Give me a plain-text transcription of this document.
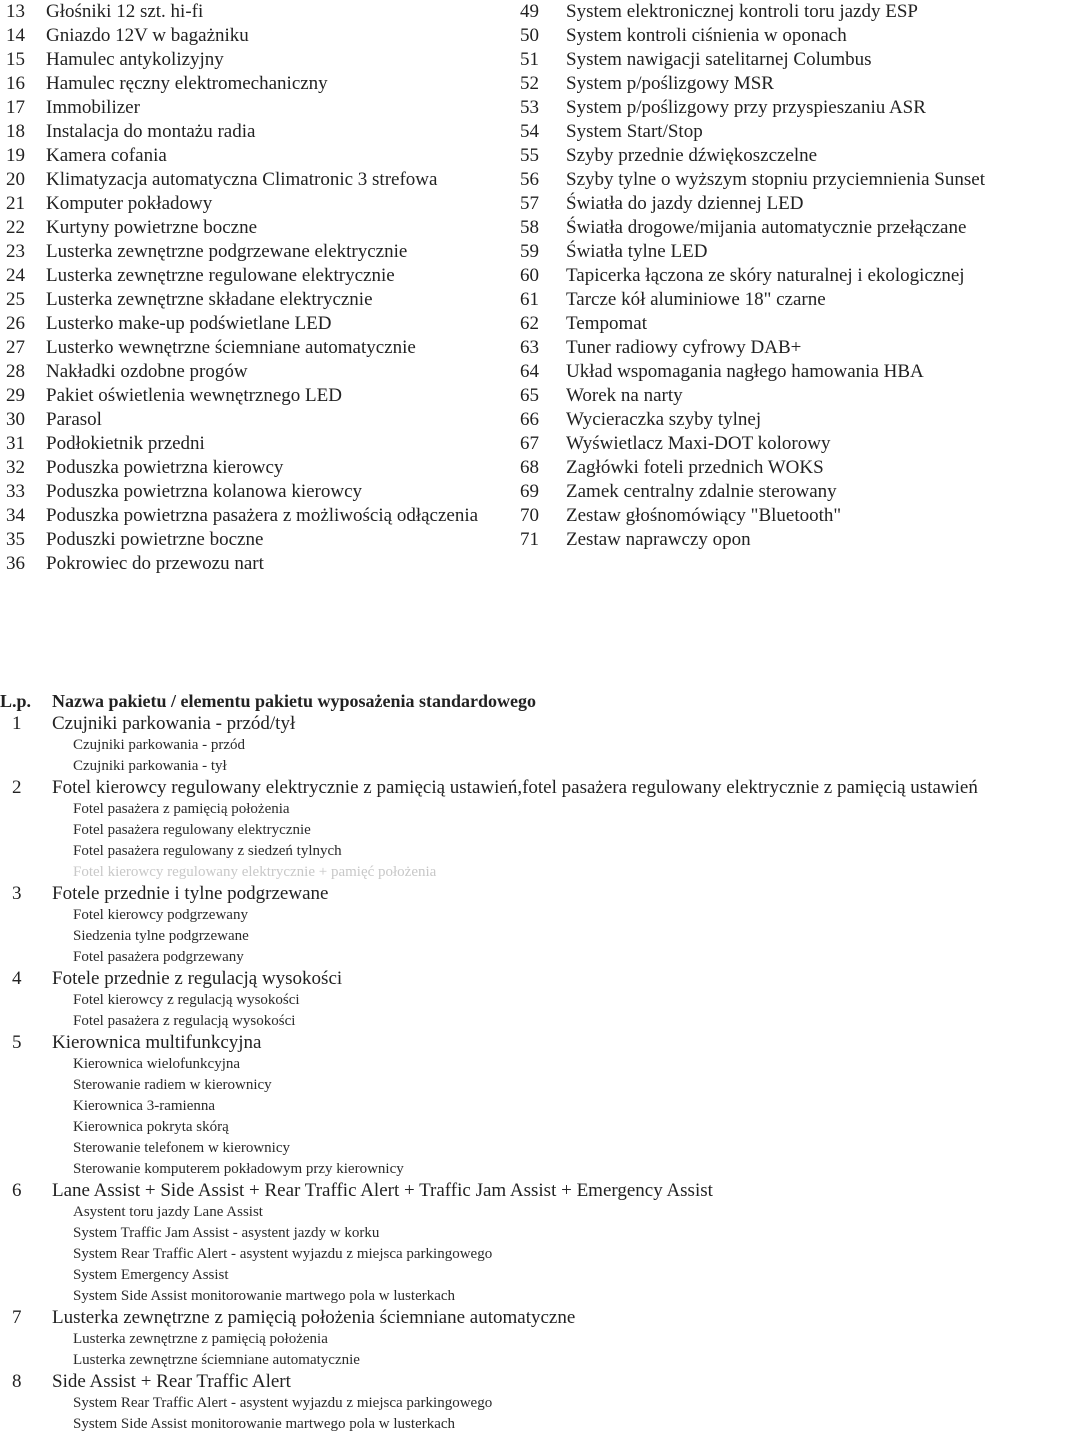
13	Głośniki 12 szt. hi-fi	49	System elektronicznej kontroli toru jazdy ESP
14	Gniazdo 12V w bagażniku	50	System kontroli ciśnienia w oponach
15	Hamulec antykolizyjny	51	System nawigacji satelitarnej Columbus
16	Hamulec ręczny elektromechaniczny	52	System p/poślizgowy MSR
17	Immobilizer	53	System p/poślizgowy przy przyspieszaniu ASR
18	Instalacja do montażu radia	54	System Start/Stop
19	Kamera cofania	55	Szyby przednie dźwiękoszczelne
20	Klimatyzacja automatyczna Climatronic 3 strefowa	56	Szyby tylne o wyższym stopniu przyciemnienia Sunset
21	Komputer pokładowy	57	Światła do jazdy dziennej LED
22	Kurtyny powietrzne boczne	58	Światła drogowe/mijania automatycznie przełączane
23	Lusterka zewnętrzne podgrzewane elektrycznie	59	Światła tylne LED
24	Lusterka zewnętrzne regulowane elektrycznie	60	Tapicerka łączona ze skóry naturalnej i ekologicznej
25	Lusterka zewnętrzne składane elektrycznie	61	Tarcze kół aluminiowe 18" czarne
26	Lusterko make-up podświetlane LED	62	Tempomat
27	Lusterko wewnętrzne ściemniane automatycznie	63	Tuner radiowy cyfrowy DAB+
28	Nakładki ozdobne progów	64	Układ wspomagania nagłego hamowania HBA
29	Pakiet oświetlenia wewnętrznego LED	65	Worek na narty
30	Parasol	66	Wycieraczka szyby tylnej
31	Podłokietnik przedni	67	Wyświetlacz Maxi-DOT kolorowy
32	Poduszka powietrzna kierowcy	68	Zagłówki foteli przednich WOKS
33	Poduszka powietrzna kolanowa kierowcy	69	Zamek centralny zdalnie sterowany
34	Poduszka powietrzna pasażera z możliwością odłączenia	70	Zestaw głośnomówiący "Bluetooth"
35	Poduszki powietrzne boczne	71	Zestaw naprawczy opon
36	Pokrowiec do przewozu nart
L.p.	Nazwa pakietu / elementu pakietu wyposażenia standardowego
1	Czujniki parkowania - przód/tył
Czujniki parkowania - przód
Czujniki parkowania - tył
2	Fotel kierowcy regulowany elektrycznie z pamięcią ustawień,fotel pasażera regulowany elektrycznie z pamięcią ustawień
Fotel pasażera z pamięcią położenia
Fotel pasażera regulowany elektrycznie
Fotel pasażera regulowany z siedzeń tylnych
Fotel kierowcy regulowany elektrycznie + pamięć położenia
3	Fotele przednie i tylne podgrzewane
Fotel kierowcy podgrzewany
Siedzenia tylne podgrzewane
Fotel pasażera podgrzewany
4	Fotele przednie z regulacją wysokości
Fotel kierowcy z regulacją wysokości
Fotel pasażera z regulacją wysokości
5	Kierownica multifunkcyjna
Kierownica wielofunkcyjna
Sterowanie radiem w kierownicy
Kierownica 3-ramienna
Kierownica pokryta skórą
Sterowanie telefonem w kierownicy
Sterowanie komputerem pokładowym przy kierownicy
6	Lane Assist + Side Assist + Rear Traffic Alert + Traffic Jam Assist + Emergency Assist
Asystent toru jazdy Lane Assist
System Traffic Jam Assist - asystent jazdy w korku
System Rear Traffic Alert - asystent wyjazdu z miejsca parkingowego
System Emergency Assist
System Side Assist monitorowanie martwego pola w lusterkach
7	Lusterka zewnętrzne z pamięcią położenia ściemniane automatyczne
Lusterka zewnętrzne z pamięcią położenia
Lusterka zewnętrzne ściemniane automatycznie
8	Side Assist + Rear Traffic Alert
System Rear Traffic Alert - asystent wyjazdu z miejsca parkingowego
System Side Assist monitorowanie martwego pola w lusterkach
